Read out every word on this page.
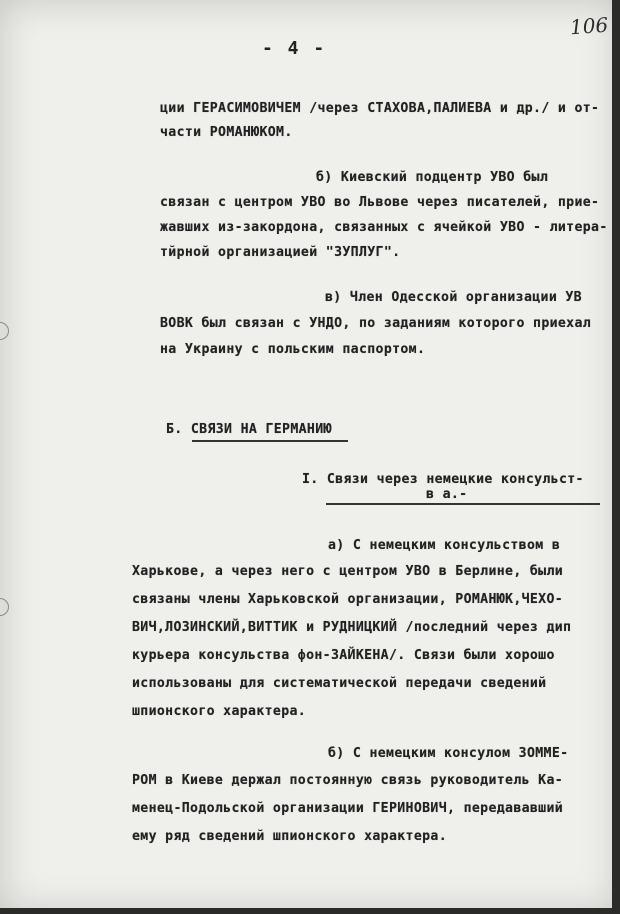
- 4 -
106
ции ГЕРАСИМОВИЧЕМ /через СТАХОВА,ПАЛИЕВА и др./ и от-
части РОМАНЮКОМ.
б) Киевский подцентр УВО был
связан с центром УВО во Львове через писателей, прие-
жавших из-закордона, связанных с ячейкой УВО - литера-
тйрной организацией "ЗУПЛУГ".
в) Член Одесской организации УВ
ВОВК был связан с УНДО, по заданиям которого приехал
на Украину с польским паспортом.
Б. СВЯЗИ НА ГЕРМАНИЮ
I. Связи через немецкие консульст-
в а.-
а) С немецким консульством в
Харькове, а через него с центром УВО в Берлине, были
связаны члены Харьковской организации, РОМАНЮК,ЧЕХО-
ВИЧ,ЛОЗИНСКИЙ,ВИТТИК и РУДНИЦКИЙ /последний через дип
курьера консульства фон-ЗАЙКЕНА/. Связи были хорошо
использованы для систематической передачи сведений
шпионского характера.
б) С немецким консулом ЗОММЕ-
РОМ в Киеве держал постоянную связь руководитель Ка-
менец-Подольской организации ГЕРИНОВИЧ, передававший
ему ряд сведений шпионского характера.
